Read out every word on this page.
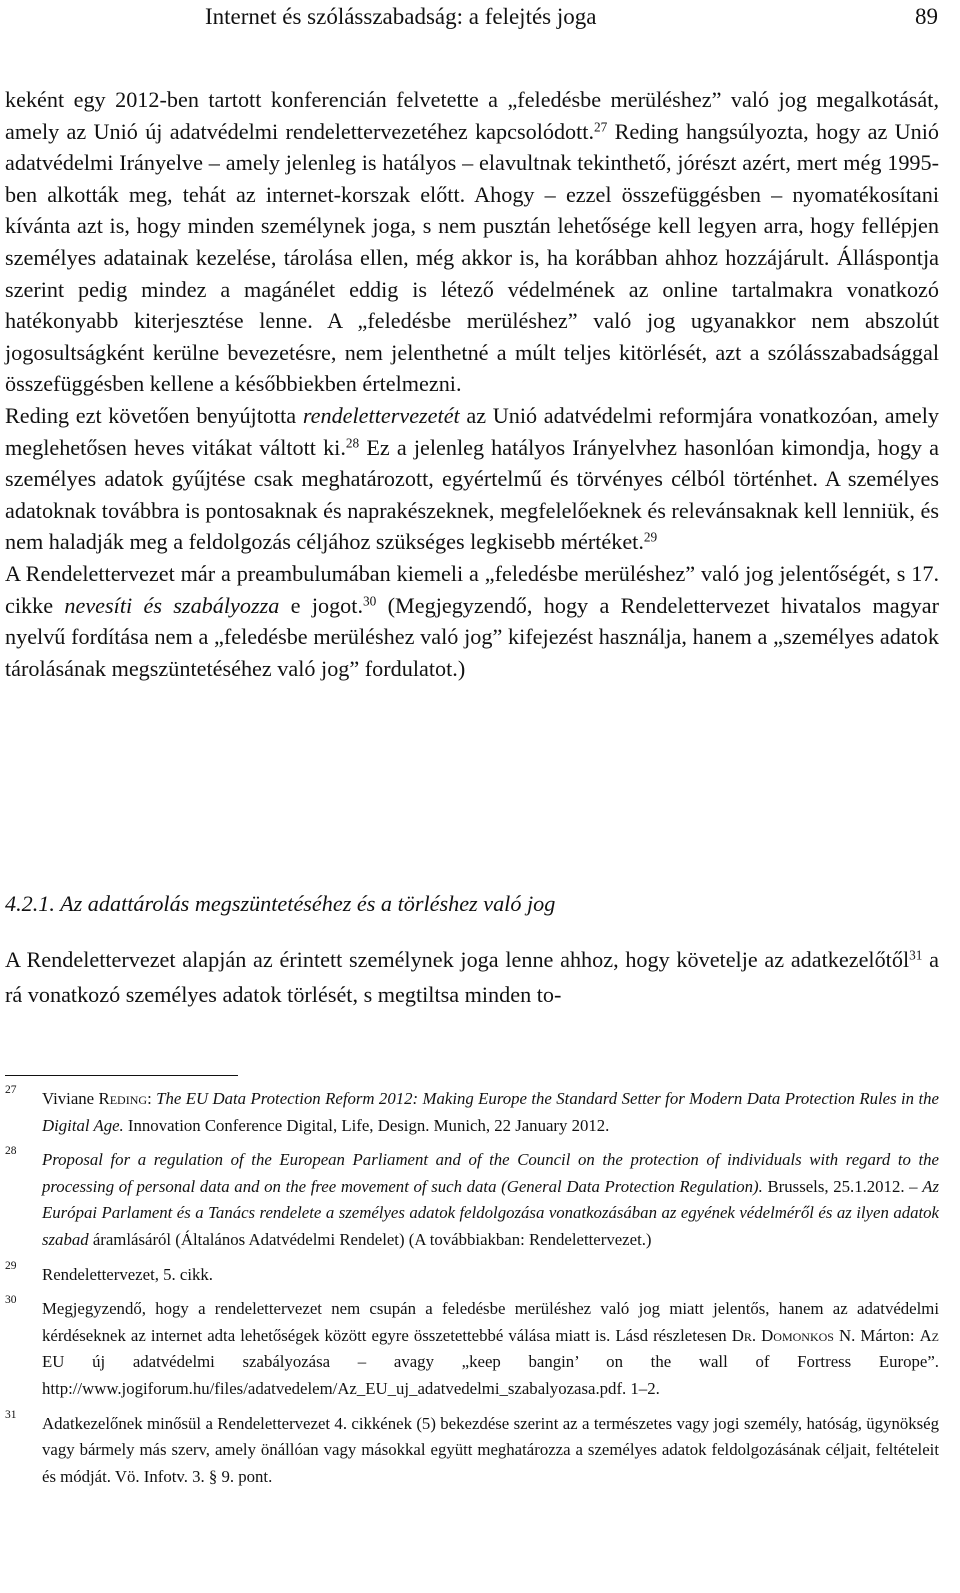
Internet és szólásszabadság: a felejtés joga	89

keként egy 2012-ben tartott konferencián felvetette a „feledésbe merüléshez” való jog megalkotását, amely az Unió új adatvédelmi rendelettervezetéhez kapcsolódott.$^{27}$ Reding hangsúlyozta, hogy az Unió adatvédelmi Irányelve – amely jelenleg is hatályos – elavultnak tekinthető, jórészt azért, mert még 1995-ben alkották meg, tehát az internet-korszak előtt. Ahogy – ezzel összefüggésben – nyomatékosítani kívánta azt is, hogy minden személynek joga, s nem pusztán lehetősége kell legyen arra, hogy fellépjen személyes adatainak kezelése, tárolása ellen, még akkor is, ha korábban ahhoz hozzájárult. Álláspontja szerint pedig mindez a magánélet eddig is létező védelmének az online tartalmakra vonatkozó hatékonyabb kiterjesztése lenne. A „feledésbe merüléshez” való jog ugyanakkor nem abszolút jogosultságként kerülne bevezetésre, nem jelenthetné a múlt teljes kitörlését, azt a szólásszabadsággal összefüggésben kellene a későbbiekben értelmezni.

Reding ezt követően benyújtotta rendelettervezetét az Unió adatvédelmi reformjára vonatkozóan, amely meglehetősen heves vitákat váltott ki.$^{28}$ Ez a jelenleg hatályos Irányelvhez hasonlóan kimondja, hogy a személyes adatok gyűjtése csak meghatározott, egyértelmű és törvényes célból történhet. A személyes adatoknak továbbra is pontosaknak és naprakészeknek, megfelelőeknek és relevánsaknak kell lenniük, és nem haladják meg a feldolgozás céljához szükséges legkisebb mértéket.$^{29}$

A Rendelettervezet már a preambulumában kiemeli a „feledésbe merüléshez” való jog jelentőségét, s 17. cikke nevesíti és szabályozza e jogot.$^{30}$ (Megjegyzendő, hogy a Rendelettervezet hivatalos magyar nyelvű fordítása nem a „feledésbe merüléshez való jog” kifejezést használja, hanem a „személyes adatok tárolásának megszüntetéséhez való jog” fordulatot.)

4.2.1. Az adattárolás megszüntetéséhez és a törléshez való jog

A Rendelettervezet alapján az érintett személynek joga lenne ahhoz, hogy követelje az adatkezelőtől$^{31}$ a rá vonatkozó személyes adatok törlését, s megtiltsa minden to-

27 Viviane Reding: The EU Data Protection Reform 2012: Making Europe the Standard Setter for Modern Data Protection Rules in the Digital Age. Innovation Conference Digital, Life, Design. Munich, 22 January 2012.
28 Proposal for a regulation of the European Parliament and of the Council on the protection of individuals with regard to the processing of personal data and on the free movement of such data (General Data Protection Regulation). Brussels, 25.1.2012. – Az Európai Parlament és a Tanács rendelete a személyes adatok feldolgozása vonatkozásában az egyének védelméről és az ilyen adatok szabad áramlásáról (Általános Adatvédelmi Rendelet) (A továbbiakban: Rendelettervezet.)
29 Rendelettervezet, 5. cikk.
30 Megjegyzendő, hogy a rendelettervezet nem csupán a feledésbe merüléshez való jog miatt jelentős, hanem az adatvédelmi kérdéseknek az internet adta lehetőségek között egyre összetettebbé válása miatt is. Lásd részletesen Dr. Domonkos N. Márton: Az EU új adatvédelmi szabályozása – avagy „keep bangin’ on the wall of Fortress Europe”. http://www.jogiforum.hu/files/adatvedelem/Az_EU_uj_adatvedelmi_szabalyozasa.pdf. 1–2.
31 Adatkezelőnek minősül a Rendelettervezet 4. cikkének (5) bekezdése szerint az a természetes vagy jogi személy, hatóság, ügynökség vagy bármely más szerv, amely önállóan vagy másokkal együtt meghatározza a személyes adatok feldolgozásának céljait, feltételeit és módját. Vö. Infotv. 3. § 9. pont.
